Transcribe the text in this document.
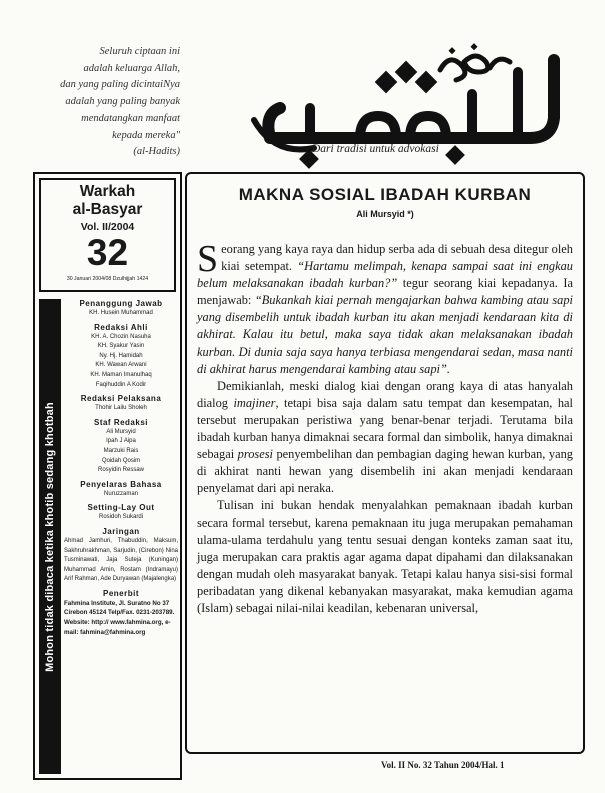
Seluruh ciptaan ini
adalah keluarga Allah,
dan yang paling dicintaiNya
adalah yang paling banyak
mendatangkan manfaat
kepada mereka"
(al-Hadits)	Dari tradisi untuk advokasi
Warkah
al-Basyar
Vol. II/2004
32
30 Januari 2004/08 Dzulhijjah 1424
Mohon tidak dibaca ketika khotib sedang khotbah
Penanggung Jawab
KH. Husein Muhammad
Redaksi Ahli
KH. A. Chozin Nasuha
KH. Syakur Yasin
Ny. Hj. Hamidah
KH. Wawan Arwani
KH. Maman Imanulhaq
Faqihuddin A Kodir
Redaksi Pelaksana
Thohir Lailu Sholeh
Staf Redaksi
Ali Mursyid
Ipah J Aipa
Marzuki Rais
Qoidah Qosim
Rosyidin Ressaw
Penyelaras Bahasa
Nuruzzaman
Setting-Lay Out
Rosidoh Sukardi
Jaringan
Ahmad Jamhuri, Thabuddin, Maksum, Sakhruhrakhman, Sarjudin, (Cirebon) Nina Tusminawati, Jaja Suteja (Kuningan) Muhammad Amin, Rostam (Indramayu) Arif Rahman, Ade Duryawan (Majalengka)
Penerbit
Fahmina Institute, Jl. Suratno No 37 Cirebon 45124 Telp/Fax. 0231-203789. Website: http:// www.fahmina.org, e-mail: fahmina@fahmina.org
MAKNA SOSIAL IBADAH KURBAN
Ali Mursyid *)

Seorang yang kaya raya dan hidup serba ada di sebuah desa ditegur oleh kiai setempat. “Hartamu melimpah, kenapa sampai saat ini engkau belum melaksanakan ibadah kurban?” tegur seorang kiai kepadanya. Ia menjawab: “Bukankah kiai pernah mengajarkan bahwa kambing atau sapi yang disembelih untuk ibadah kurban itu akan menjadi kendaraan kita di akhirat. Kalau itu betul, maka saya tidak akan melaksanakan ibadah kurban. Di dunia saja saya hanya terbiasa mengendarai sedan, masa nanti di akhirat harus mengendarai kambing atau sapi”.

Demikianlah, meski dialog kiai dengan orang kaya di atas hanyalah dialog imajiner, tetapi bisa saja dalam satu tempat dan kesempatan, hal tersebut merupakan peristiwa yang benar-benar terjadi. Terutama bila ibadah kurban hanya dimaknai secara formal dan simbolik, hanya dimaknai sebagai prosesi penyembelihan dan pembagian daging hewan kurban, yang di akhirat nanti hewan yang disembelih ini akan menjadi kendaraan penyelamat dari api neraka.

Tulisan ini bukan hendak menyalahkan pemaknaan ibadah kurban secara formal tersebut, karena pemaknaan itu juga merupakan pemahaman ulama-ulama terdahulu yang tentu sesuai dengan konteks zaman saat itu, juga merupakan cara praktis agar agama dapat dipahami dan dilaksanakan dengan mudah oleh masyarakat banyak. Tetapi kalau hanya sisi-sisi formal peribadatan yang dikenal kebanyakan masyarakat, maka kemudian agama (Islam) sebagai nilai-nilai keadilan, kebenaran universal,

Vol. II No. 32 Tahun 2004/Hal. 1
